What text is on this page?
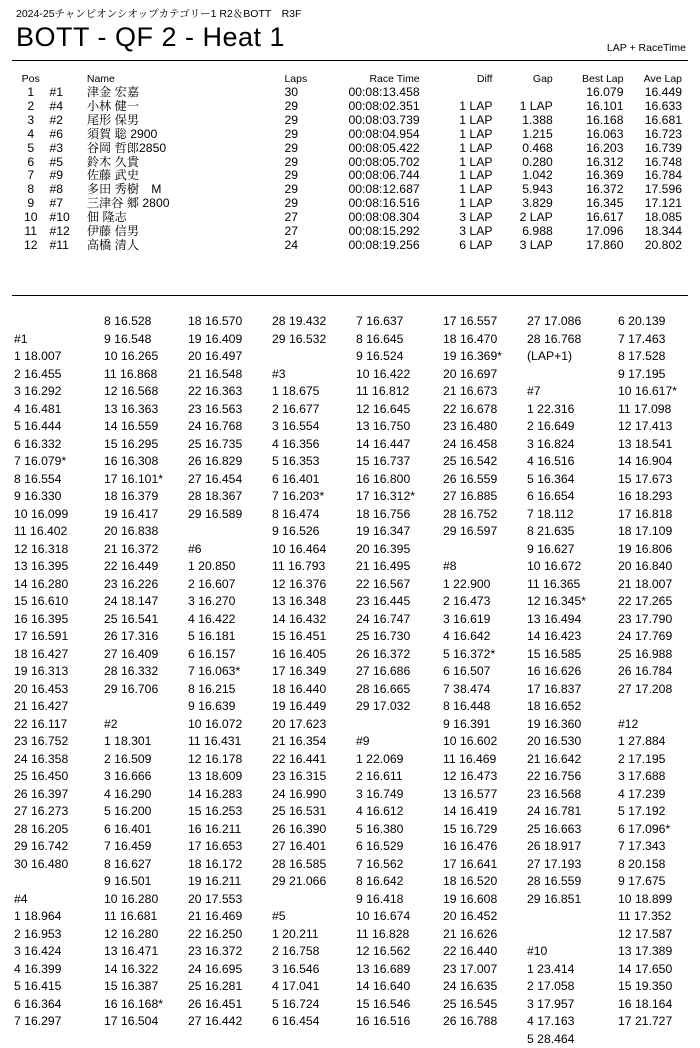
2024-25チャンピオンシオップカテゴリー1 R2＆BOTT　R3F
BOTT - QF 2 - Heat 1	LAP + RaceTime
Pos		Name	Laps	Race Time	Diff	Gap	Best Lap	Ave Lap
1	#1	津金 宏嘉	30	00:08:13.458			16.079	16.449
2	#4	小林 健一	29	00:08:02.351	1 LAP	1 LAP	16.101	16.633
3	#2	尾形 保男	29	00:08:03.739	1 LAP	1.388	16.168	16.681
4	#6	須賀 聡 2900	29	00:08:04.954	1 LAP	1.215	16.063	16.723
5	#3	谷岡 哲郎2850	29	00:08:05.422	1 LAP	0.468	16.203	16.739
6	#5	鈴木 久貴	29	00:08:05.702	1 LAP	0.280	16.312	16.748
7	#9	佐藤 武史	29	00:08:06.744	1 LAP	1.042	16.369	16.784
8	#8	多田 秀樹　M	29	00:08:12.687	1 LAP	5.943	16.372	17.596
9	#7	三津谷 郷 2800	29	00:08:16.516	1 LAP	3.829	16.345	17.121
10	#10	佃 隆志	27	00:08:08.304	3 LAP	2 LAP	16.617	18.085
11	#12	伊藤 信男	27	00:08:15.292	3 LAP	6.988	17.096	18.344
12	#11	高橋 清人	24	00:08:19.256	6 LAP	3 LAP	17.860	20.802
#1
1 18.007
2 16.455
3 16.292
4 16.481
5 16.444
6 16.332
7 16.079*
8 16.554
9 16.330
10 16.099
11 16.402
12 16.318
13 16.395
14 16.280
15 16.610
16 16.395
17 16.591
18 16.427
19 16.313
20 16.453
21 16.427
22 16.117
23 16.752
24 16.358
25 16.450
26 16.397
27 16.273
28 16.205
29 16.742
30 16.480
#4
1 18.964
2 16.953
3 16.424
4 16.399
5 16.415
6 16.364
7 16.297
8 16.528
9 16.548
10 16.265
11 16.868
12 16.568
13 16.363
14 16.559
15 16.295
16 16.308
17 16.101*
18 16.379
19 16.417
20 16.838
21 16.372
22 16.449
23 16.226
24 18.147
25 16.541
26 17.316
27 16.409
28 16.332
29 16.706
#2
1 18.301
2 16.509
3 16.666
4 16.290
5 16.200
6 16.401
7 16.459
8 16.627
9 16.501
10 16.280
11 16.681
12 16.280
13 16.471
14 16.322
15 16.387
16 16.168*
17 16.504
18 16.570
19 16.409
20 16.497
21 16.548
22 16.363
23 16.563
24 16.768
25 16.735
26 16.829
27 16.454
28 18.367
29 16.589
#6
1 20.850
2 16.607
3 16.270
4 16.422
5 16.181
6 16.157
7 16.063*
8 16.215
9 16.639
10 16.072
11 16.431
12 16.178
13 18.609
14 16.283
15 16.253
16 16.211
17 16.653
18 16.172
19 16.211
20 17.553
21 16.469
22 16.250
23 16.372
24 16.695
25 16.281
26 16.451
27 16.442
28 19.432
29 16.532
#3
1 18.675
2 16.677
3 16.554
4 16.356
5 16.353
6 16.401
7 16.203*
8 16.474
9 16.526
10 16.464
11 16.793
12 16.376
13 16.348
14 16.432
15 16.451
16 16.405
17 16.349
18 16.440
19 16.449
20 17.623
21 16.354
22 16.441
23 16.315
24 16.990
25 16.531
26 16.390
27 16.401
28 16.585
29 21.066
#5
1 20.211
2 16.758
3 16.546
4 17.041
5 16.724
6 16.454
7 16.637
8 16.645
9 16.524
10 16.422
11 16.812
12 16.645
13 16.750
14 16.447
15 16.737
16 16.800
17 16.312*
18 16.756
19 16.347
20 16.395
21 16.495
22 16.567
23 16.445
24 16.747
25 16.730
26 16.372
27 16.686
28 16.665
29 17.032
#9
1 22.069
2 16.611
3 16.749
4 16.612
5 16.380
6 16.529
7 16.562
8 16.642
9 16.418
10 16.674
11 16.828
12 16.562
13 16.689
14 16.640
15 16.546
16 16.516
17 16.557
18 16.470
19 16.369*
20 16.697
21 16.673
22 16.678
23 16.480
24 16.458
25 16.542
26 16.559
27 16.885
28 16.752
29 16.597
#8
1 22.900
2 16.473
3 16.619
4 16.642
5 16.372*
6 16.507
7 38.474
8 16.448
9 16.391
10 16.602
11 16.469
12 16.473
13 16.577
14 16.419
15 16.729
16 16.476
17 16.641
18 16.520
19 16.608
20 16.452
21 16.626
22 16.440
23 17.007
24 16.635
25 16.545
26 16.788
27 17.086
28 16.768
(LAP+1)
#7
1 22.316
2 16.649
3 16.824
4 16.516
5 16.364
6 16.654
7 18.112
8 21.635
9 16.627
10 16.672
11 16.365
12 16.345*
13 16.494
14 16.423
15 16.585
16 16.626
17 16.837
18 16.652
19 16.360
20 16.530
21 16.642
22 16.756
23 16.568
24 16.781
25 16.663
26 18.917
27 17.193
28 16.559
29 16.851
#10
1 23.414
2 17.058
3 17.957
4 17.163
5 28.464
6 20.139
7 17.463
8 17.528
9 17.195
10 16.617*
11 17.098
12 17.413
13 18.541
14 16.904
15 17.673
16 18.293
17 16.818
18 17.109
19 16.806
20 16.840
21 18.007
22 17.265
23 17.790
24 17.769
25 16.988
26 16.784
27 17.208
#12
1 27.884
2 17.195
3 17.688
4 17.239
5 17.192
6 17.096*
7 17.343
8 20.158
9 17.675
10 18.899
11 17.352
12 17.587
13 17.389
14 17.650
15 19.350
16 18.164
17 21.727
